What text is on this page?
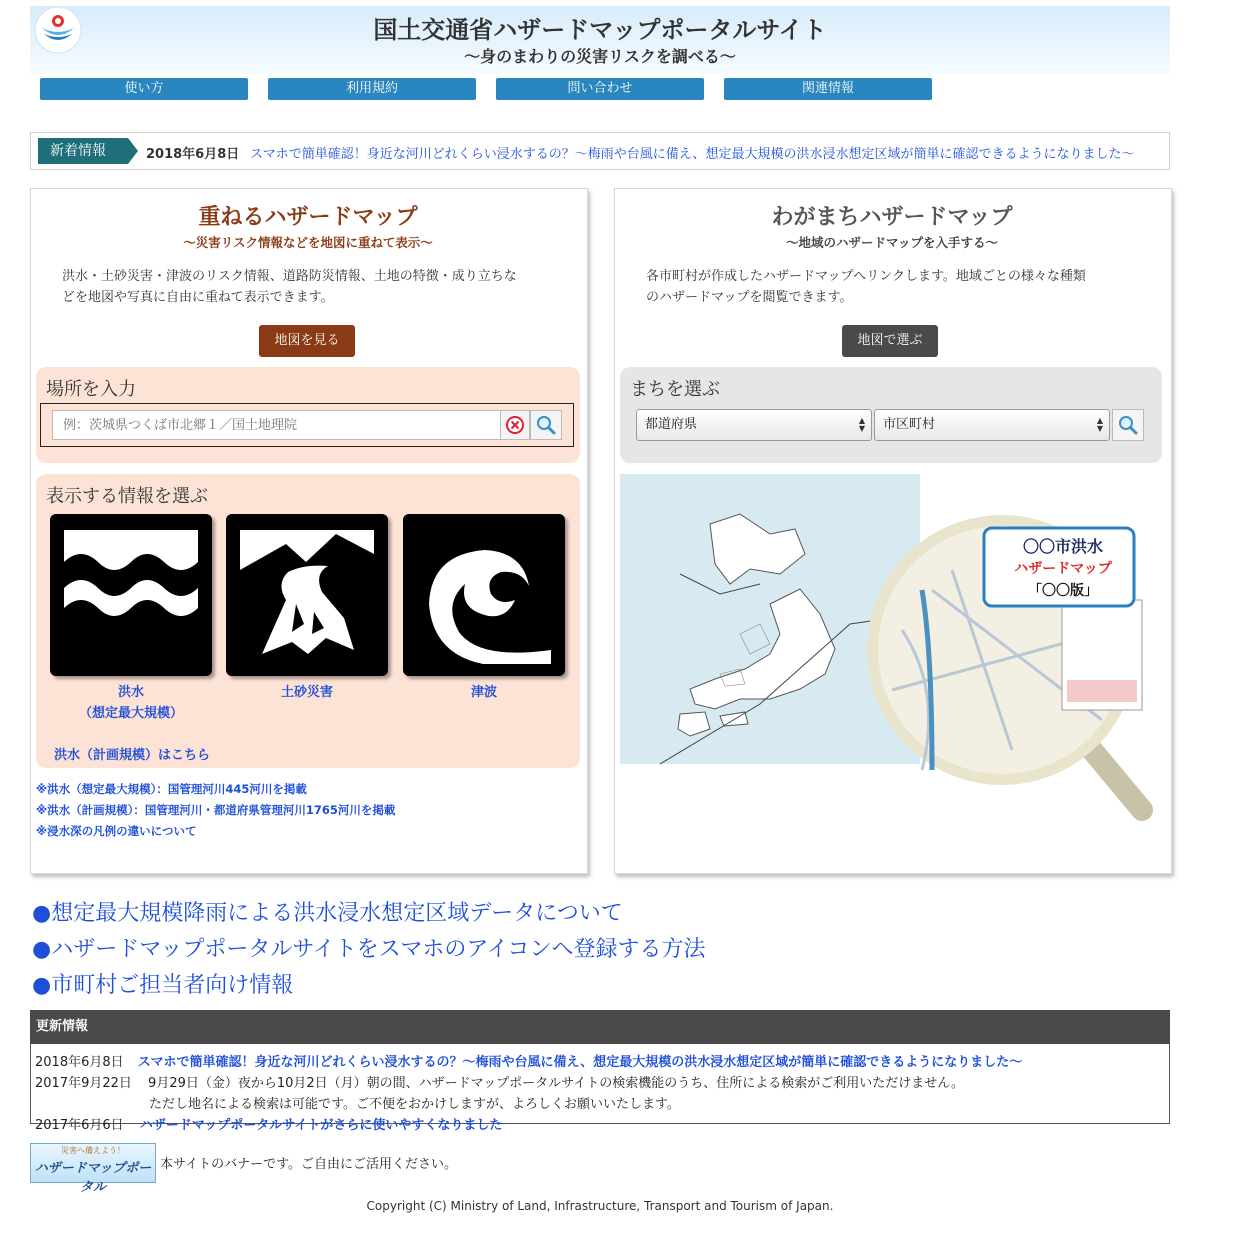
国土交通省ハザードマップポータルサイト
〜身のまわりの災害リスクを調べる〜
使い方	利用規約	問い合わせ	関連情報
新着情報	2018年6月8日 スマホで簡単確認！身近な河川どれくらい浸水するの？〜梅雨や台風に備え、想定最大規模の洪水浸水想定区域が簡単に確認できるようになりました〜
重ねるハザードマップ
〜災害リスク情報などを地図に重ねて表示〜
洪水・土砂災害・津波のリスク情報、道路防災情報、土地の特徴・成り立ちな
どを地図や写真に自由に重ねて表示できます。
地図を見る
場所を入力
例：茨城県つくば市北郷１／国土地理院
表示する情報を選ぶ
洪水
（想定最大規模）
土砂災害	津波
洪水（計画規模）はこちら
※洪水（想定最大規模）：国管理河川445河川を掲載
※洪水（計画規模）：国管理河川・都道府県管理河川1765河川を掲載
※浸水深の凡例の違いについて
わがまちハザードマップ
〜地域のハザードマップを入手する〜
各市町村が作成したハザードマップへリンクします。地域ごとの様々な種類
のハザードマップを閲覧できます。
地図で選ぶ
まちを選ぶ
都道府県	▲
▼	市区町村	▲
▼
〇〇市洪水
ハザードマップ
「〇〇版」
●想定最大規模降雨による洪水浸水想定区域データについて
●ハザードマップポータルサイトをスマホのアイコンへ登録する方法
●市町村ご担当者向け情報
更新情報
2018年6月8日 スマホで簡単確認！身近な河川どれくらい浸水するの？〜梅雨や台風に備え、想定最大規模の洪水浸水想定区域が簡単に確認できるようになりました〜
2017年9月22日 9月29日（金）夜から10月2日（月）朝の間、ハザードマップポータルサイトの検索機能のうち、住所による検索がご利用いただけません。
ただし地名による検索は可能です。ご不便をおかけしますが、よろしくお願いいたします。
2017年6月6日 ハザードマップポータルサイトがさらに使いやすくなりました
災害へ備えよう！
ハザードマップポータル
本サイトのバナーです。ご自由にご活用ください。
Copyright (C) Ministry of Land, Infrastructure, Transport and Tourism of Japan.
